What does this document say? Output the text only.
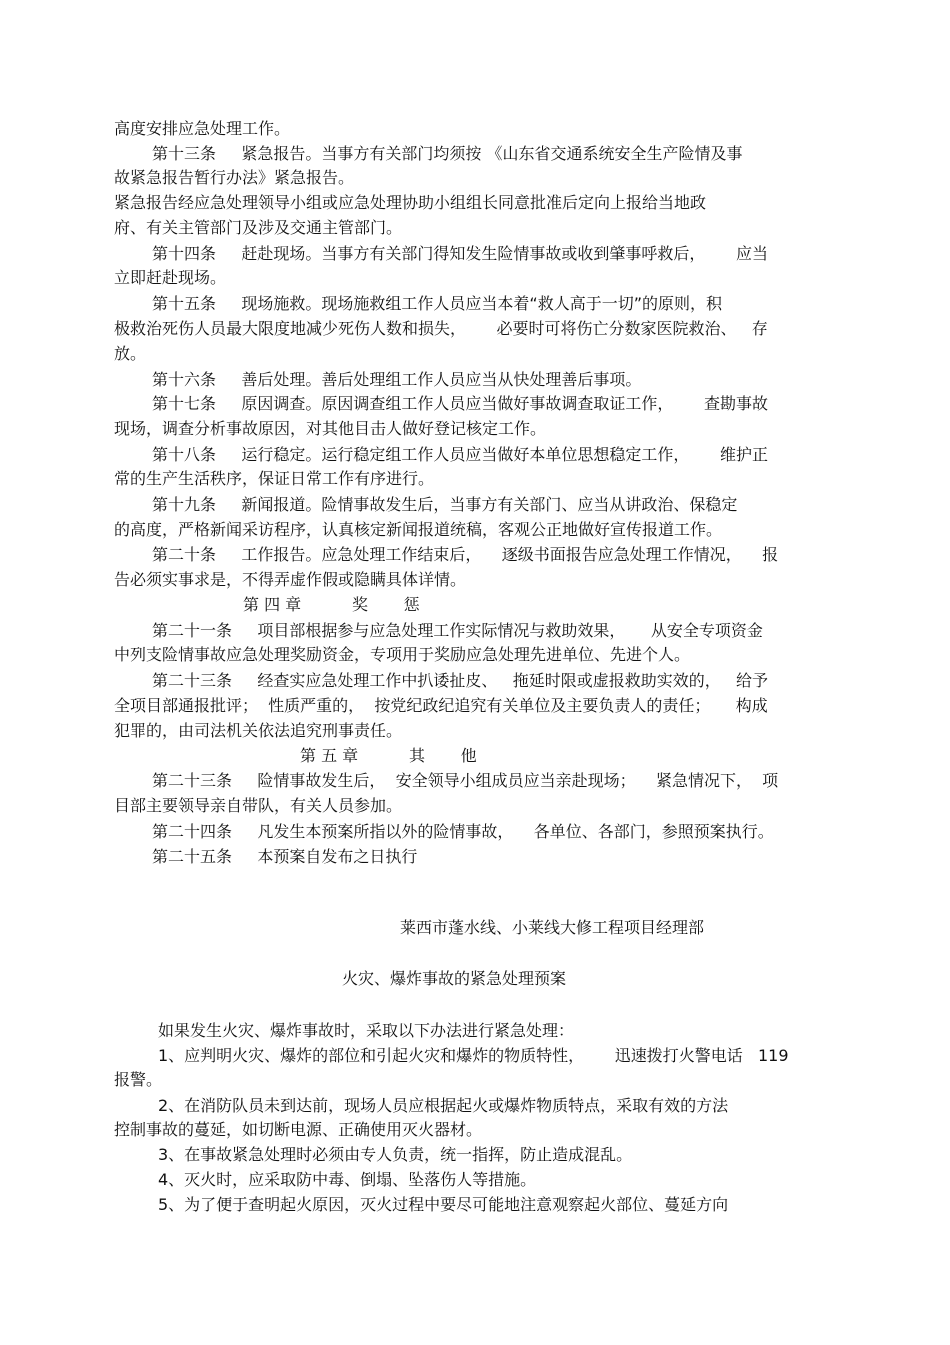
高度安排应急处理工作。
第十三条     紧急报告。当事方有关部门均须按 《山东省交通系统安全生产险情及事
故紧急报告暂行办法》紧急报告。
紧急报告经应急处理领导小组或应急处理协助小组组长同意批准后定向上报给当地政
府、有关主管部门及涉及交通主管部门。
第十四条     赶赴现场。当事方有关部门得知发生险情事故或收到肇事呼救后，      应当
立即赶赴现场。
第十五条     现场施救。现场施救组工作人员应当本着“救人高于一切”的原则，积
极救治死伤人员最大限度地减少死伤人数和损失，      必要时可将伤亡分数家医院救治、   存
放。
第十六条     善后处理。善后处理组工作人员应当从快处理善后事项。
第十七条     原因调查。原因调查组工作人员应当做好事故调查取证工作，      查勘事故
现场，调查分析事故原因，对其他目击人做好登记核定工作。
第十八条     运行稳定。运行稳定组工作人员应当做好本单位思想稳定工作，      维护正
常的生产生活秩序，保证日常工作有序进行。
第十九条     新闻报道。险情事故发生后，当事方有关部门、应当从讲政治、保稳定
的高度，严格新闻采访程序，认真核定新闻报道统稿，客观公正地做好宣传报道工作。
第二十条     工作报告。应急处理工作结束后，    逐级书面报告应急处理工作情况，    报
告必须实事求是，不得弄虚作假或隐瞒具体详情。
第 四 章          奖       惩
第二十一条     项目部根据参与应急处理工作实际情况与救助效果，     从安全专项资金
中列支险情事故应急处理奖励资金，专项用于奖励应急处理先进单位、先进个人。
第二十三条     经查实应急处理工作中扒诿扯皮、   拖延时限或虚报救助实效的，   给予
全项目部通报批评；  性质严重的，  按党纪政纪追究有关单位及主要负责人的责任；     构成
犯罪的，由司法机关依法追究刑事责任。
第 五 章          其       他
第二十三条     险情事故发生后，  安全领导小组成员应当亲赴现场；    紧急情况下，  项
目部主要领导亲自带队，有关人员参加。
第二十四条     凡发生本预案所指以外的险情事故，    各单位、各部门，参照预案执行。
第二十五条     本预案自发布之日执行
莱西市蓬水线、小莱线大修工程项目经理部
火灾、爆炸事故的紧急处理预案
如果发生火灾、爆炸事故时，采取以下办法进行紧急处理：
1、应判明火灾、爆炸的部位和引起火灾和爆炸的物质特性，      迅速拨打火警电话   119
报警。
2、在消防队员未到达前，现场人员应根据起火或爆炸物质特点，采取有效的方法
控制事故的蔓延，如切断电源、正确使用灭火器材。
3、在事故紧急处理时必须由专人负责，统一指挥，防止造成混乱。
4、灭火时，应采取防中毒、倒塌、坠落伤人等措施。
5、为了便于查明起火原因，灭火过程中要尽可能地注意观察起火部位、蔓延方向
